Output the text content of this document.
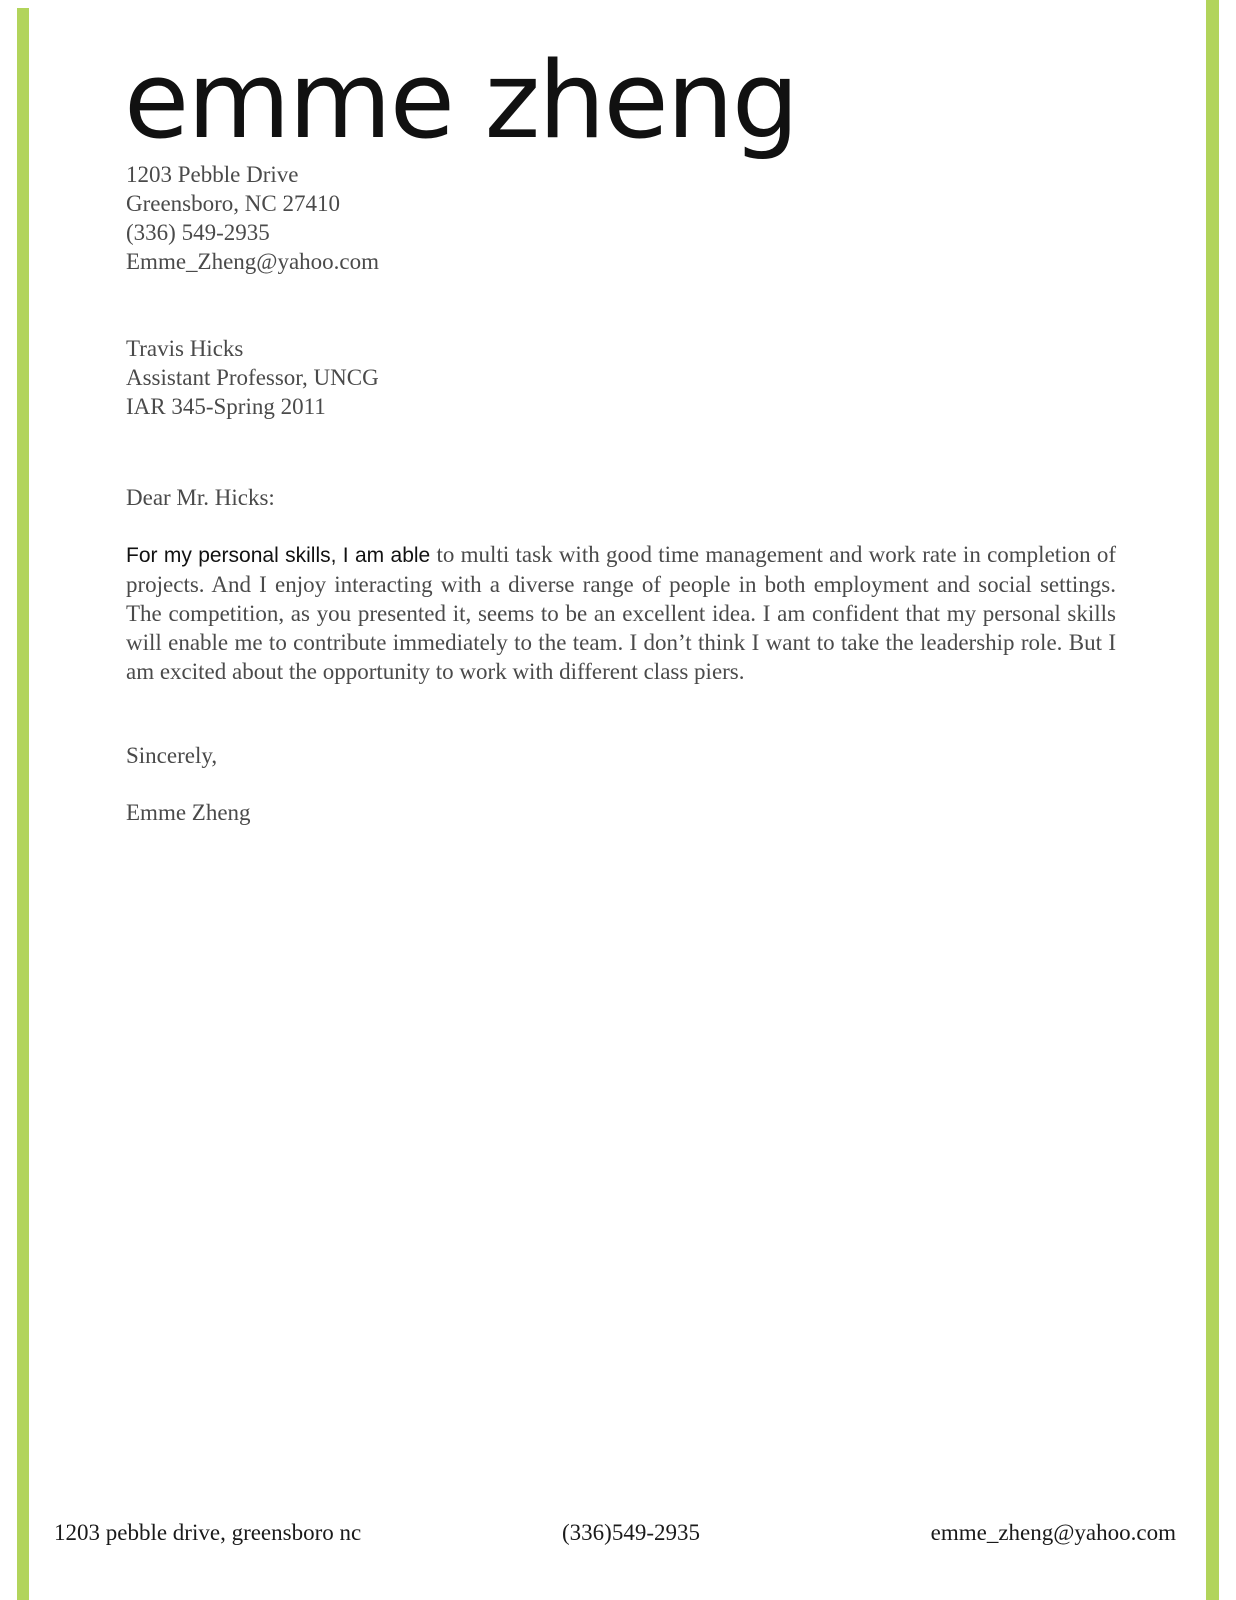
emme zheng
1203 Pebble Drive
Greensboro, NC 27410
(336) 549-2935
Emme_Zheng@yahoo.com
Travis Hicks
Assistant Professor, UNCG
IAR 345-Spring 2011
Dear Mr. Hicks:
For my personal skills, I am able to multi task with good time management and work rate in completion of projects. And I enjoy interacting with a diverse range of people in both employment and social settings. The competition, as you presented it, seems to be an excellent idea. I am confident that my personal skills will enable me to contribute immediately to the team. I don’t think I want to take the leadership role. But I am excited about the opportunity to work with different class piers.
Sincerely,
Emme Zheng
1203 pebble drive, greensboro nc	(336)549-2935	emme_zheng@yahoo.com
